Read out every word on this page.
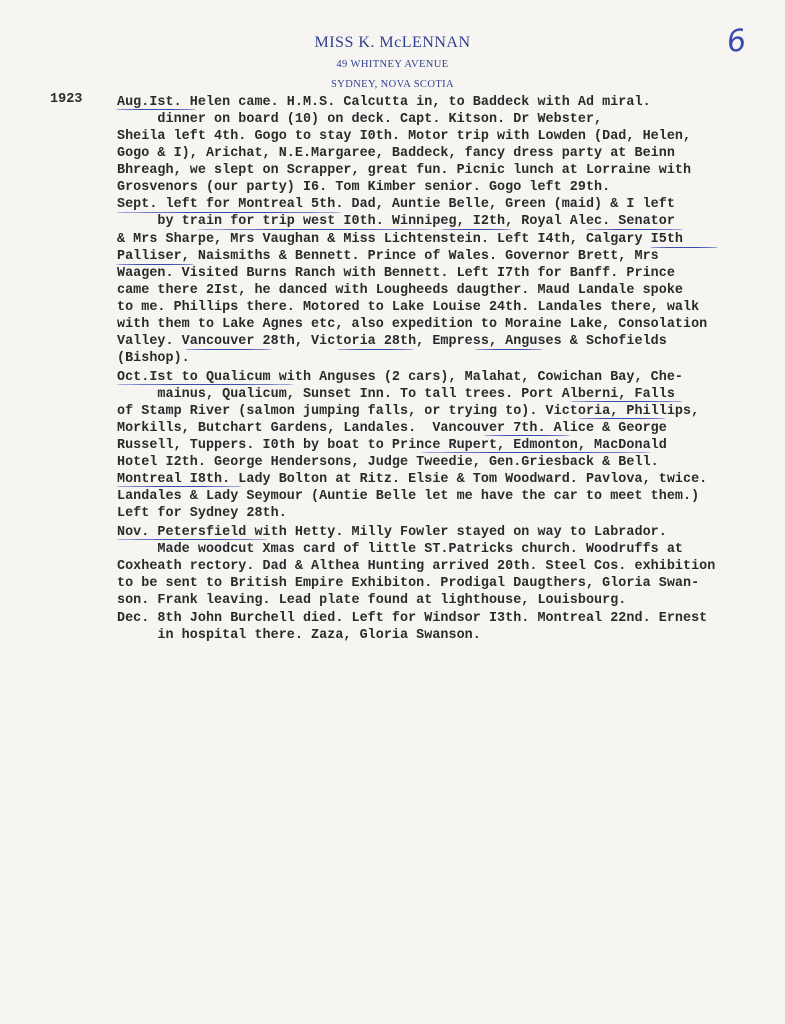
MISS K. McLENNAN
49 WHITNEY AVENUE
SYDNEY, NOVA SCOTIA
6
1923	Aug.Ist. Helen came. H.M.S. Calcutta in, to Baddeck with Ad miral.
dinner on board (10) on deck. Capt. Kitson. Dr Webster,
Sheila left 4th. Gogo to stay I0th. Motor trip with Lowden (Dad, Helen,
Gogo & I), Arichat, N.E.Margaree, Baddeck, fancy dress party at Beinn
Bhreagh, we slept on Scrapper, great fun. Picnic lunch at Lorraine with
Grosvenors (our party) I6. Tom Kimber senior. Gogo left 29th.
Sept. left for Montreal 5th. Dad, Auntie Belle, Green (maid) & I left
by train for trip west I0th. Winnipeg, I2th, Royal Alec. Senator
& Mrs Sharpe, Mrs Vaughan & Miss Lichtenstein. Left I4th, Calgary I5th
Palliser, Naismiths & Bennett. Prince of Wales. Governor Brett, Mrs
Waagen. Visited Burns Ranch with Bennett. Left I7th for Banff. Prince
came there 2Ist, he danced with Lougheeds daugther. Maud Landale spoke
to me. Phillips there. Motored to Lake Louise 24th. Landales there, walk
with them to Lake Agnes etc, also expedition to Moraine Lake, Consolation
Valley. Vancouver 28th, Victoria 28th, Empress, Anguses & Schofields
(Bishop).
Oct.Ist to Qualicum with Anguses (2 cars), Malahat, Cowichan Bay, Che-
mainus, Qualicum, Sunset Inn. To tall trees. Port Alberni, Falls
of Stamp River (salmon jumping falls, or trying to). Victoria, Phillips,
Morkills, Butchart Gardens, Landales.  Vancouver 7th. Alice & George
Russell, Tuppers. I0th by boat to Prince Rupert, Edmonton, MacDonald
Hotel I2th. George Hendersons, Judge Tweedie, Gen.Griesback & Bell.
Montreal I8th. Lady Bolton at Ritz. Elsie & Tom Woodward. Pavlova, twice.
Landales & Lady Seymour (Auntie Belle let me have the car to meet them.)
Left for Sydney 28th.
Nov. Petersfield with Hetty. Milly Fowler stayed on way to Labrador.
Made woodcut Xmas card of little ST.Patricks church. Woodruffs at
Coxheath rectory. Dad & Althea Hunting arrived 20th. Steel Cos. exhibition
to be sent to British Empire Exhibiton. Prodigal Daugthers, Gloria Swan-
son. Frank leaving. Lead plate found at lighthouse, Louisbourg.
Dec. 8th John Burchell died. Left for Windsor I3th. Montreal 22nd. Ernest
in hospital there. Zaza, Gloria Swanson.
